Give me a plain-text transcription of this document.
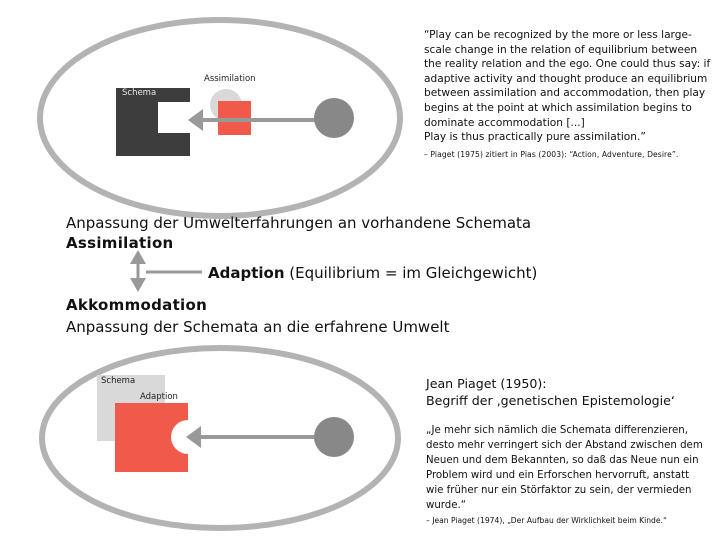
Schema
Assimilation
“Play can be recognized by the more or less large-
scale change in the relation of equilibrium between
the reality relation and the ego. One could thus say: if
adaptive activity and thought produce an equilibrium
between assimilation and accommodation, then play
begins at the point at which assimilation begins to
dominate accommodation [...]
Play is thus practically pure assimilation.”
– Piaget (1975) zitiert in Pias (2003): “Action, Adventure, Desire”.
Anpassung der Umwelterfahrungen an vorhandene Schemata
Assimilation
Adaption (Equilibrium = im Gleichgewicht)
Akkommodation
Anpassung der Schemata an die erfahrene Umwelt
Schema
Adaption
Jean Piaget (1950):
Begriff der ‚genetischen Epistemologie‘
„Je mehr sich nämlich die Schemata differenzieren,
desto mehr verringert sich der Abstand zwischen dem
Neuen und dem Bekannten, so daß das Neue nun ein
Problem wird und ein Erforschen hervorruft, anstatt
wie früher nur ein Störfaktor zu sein, der vermieden
wurde.“
– Jean Piaget (1974), „Der Aufbau der Wirklichkeit beim Kinde.“
